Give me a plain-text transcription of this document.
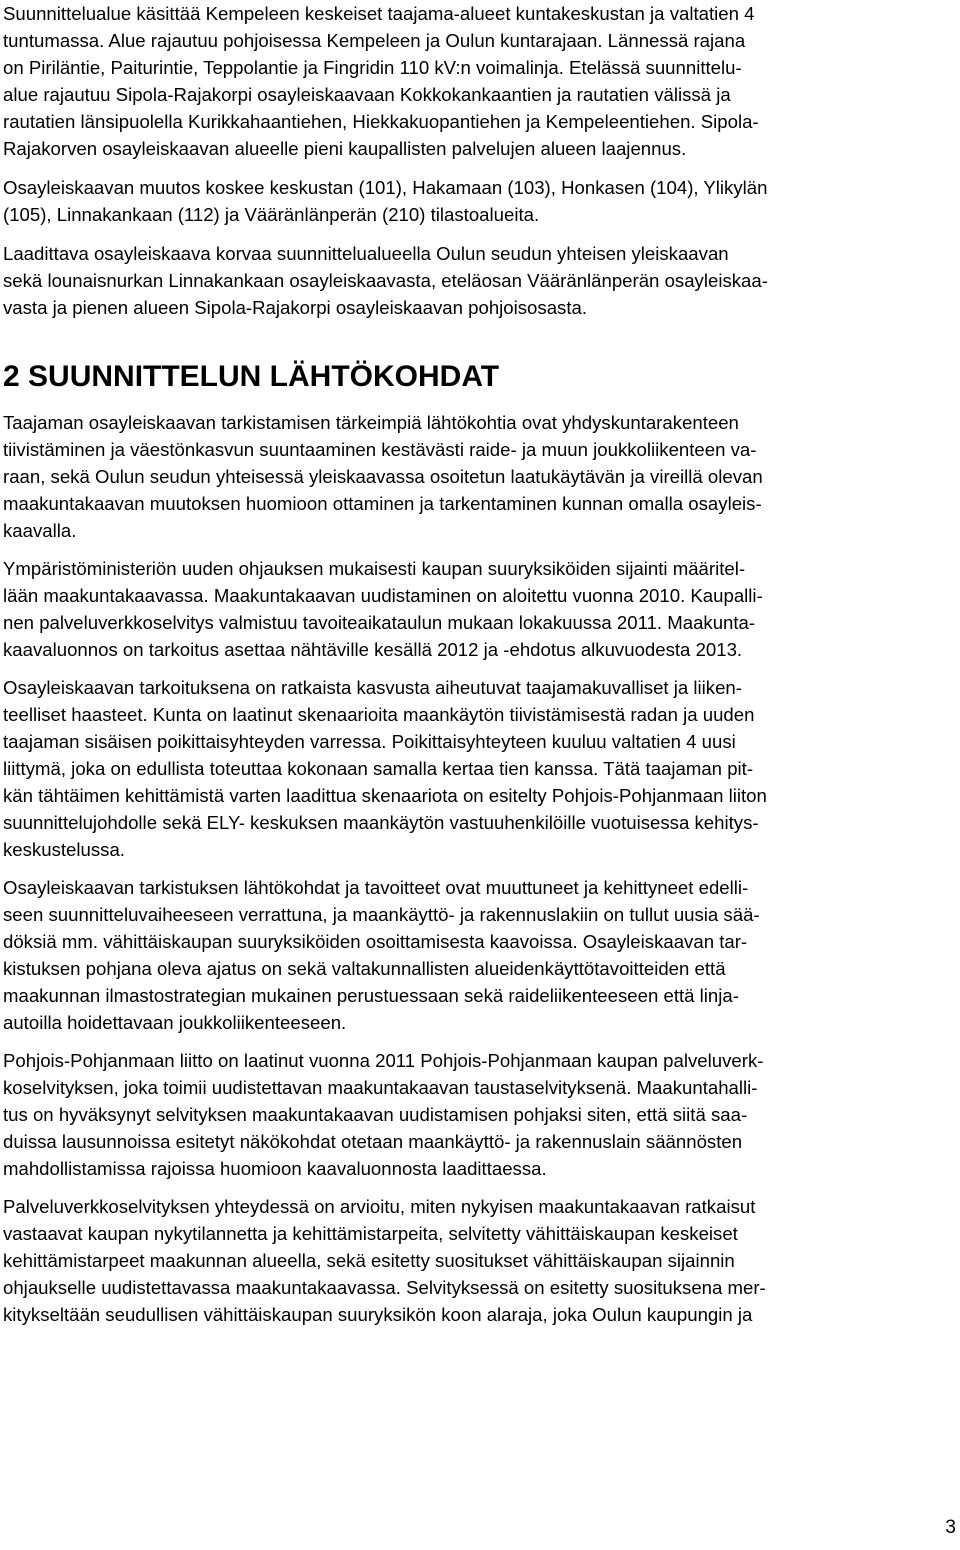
Suunnittelualue käsittää Kempeleen keskeiset taajama-alueet kuntakeskustan ja valtatien 4
tuntumassa. Alue rajautuu pohjoisessa Kempeleen ja Oulun kuntarajaan. Lännessä rajana
on Piriläntie, Paiturintie, Teppolantie ja Fingridin 110 kV:n voimalinja. Etelässä suunnittelu-
alue rajautuu Sipola-Rajakorpi osayleiskaavaan Kokkokankaantien ja rautatien välissä ja
rautatien länsipuolella Kurikkahaantiehen, Hiekkakuopantiehen ja Kempeleentiehen. Sipola-
Rajakorven osayleiskaavan alueelle pieni kaupallisten palvelujen alueen laajennus.

Osayleiskaavan muutos koskee keskustan (101), Hakamaan (103), Honkasen (104), Ylikylän
(105), Linnakankaan (112) ja Vääränlänperän (210) tilastoalueita.

Laadittava osayleiskaava korvaa suunnittelualueella Oulun seudun yhteisen yleiskaavan
sekä lounaisnurkan Linnakankaan osayleiskaavasta, eteläosan Vääränlänperän osayleiskaa-
vasta ja pienen alueen Sipola-Rajakorpi osayleiskaavan pohjoisosasta.

2 SUUNNITTELUN LÄHTÖKOHDAT

Taajaman osayleiskaavan tarkistamisen tärkeimpiä lähtökohtia ovat yhdyskuntarakenteen
tiivistäminen ja väestönkasvun suuntaaminen kestävästi raide- ja muun joukkoliikenteen va-
raan, sekä Oulun seudun yhteisessä yleiskaavassa osoitetun laatukäytävän ja vireillä olevan
maakuntakaavan muutoksen huomioon ottaminen ja tarkentaminen kunnan omalla osayleis-
kaavalla.

Ympäristöministeriön uuden ohjauksen mukaisesti kaupan suuryksiköiden sijainti määritel-
lään maakuntakaavassa. Maakuntakaavan uudistaminen on aloitettu vuonna 2010. Kaupalli-
nen palveluverkkoselvitys valmistuu tavoiteaikataulun mukaan lokakuussa 2011. Maakunta-
kaavaluonnos on tarkoitus asettaa nähtäville kesällä 2012 ja -ehdotus alkuvuodesta 2013.

Osayleiskaavan tarkoituksena on ratkaista kasvusta aiheutuvat taajamakuvalliset ja liiken-
teelliset haasteet. Kunta on laatinut skenaarioita maankäytön tiivistämisestä radan ja uuden
taajaman sisäisen poikittaisyhteyden varressa. Poikittaisyhteyteen kuuluu valtatien 4 uusi
liittymä, joka on edullista toteuttaa kokonaan samalla kertaa tien kanssa. Tätä taajaman pit-
kän tähtäimen kehittämistä varten laadittua skenaariota on esitelty Pohjois-Pohjanmaan liiton
suunnittelujohdolle sekä ELY- keskuksen maankäytön vastuuhenkilöille vuotuisessa kehitys-
keskustelussa.

Osayleiskaavan tarkistuksen lähtökohdat ja tavoitteet ovat muuttuneet ja kehittyneet edelli-
seen suunnitteluvaiheeseen verrattuna, ja maankäyttö- ja rakennuslakiin on tullut uusia sää-
döksiä mm. vähittäiskaupan suuryksiköiden osoittamisesta kaavoissa. Osayleiskaavan tar-
kistuksen pohjana oleva ajatus on sekä valtakunnallisten alueidenkäyttötavoitteiden että
maakunnan ilmastostrategian mukainen perustuessaan sekä raideliikenteeseen että linja-
autoilla hoidettavaan joukkoliikenteeseen.

Pohjois-Pohjanmaan liitto on laatinut vuonna 2011 Pohjois-Pohjanmaan kaupan palveluverk-
koselvityksen, joka toimii uudistettavan maakuntakaavan taustaselvityksenä. Maakuntahalli-
tus on hyväksynyt selvityksen maakuntakaavan uudistamisen pohjaksi siten, että siitä saa-
duissa lausunnoissa esitetyt näkökohdat otetaan maankäyttö- ja rakennuslain säännösten
mahdollistamissa rajoissa huomioon kaavaluonnosta laadittaessa.

Palveluverkkoselvityksen yhteydessä on arvioitu, miten nykyisen maakuntakaavan ratkaisut
vastaavat kaupan nykytilannetta ja kehittämistarpeita, selvitetty vähittäiskaupan keskeiset
kehittämistarpeet maakunnan alueella, sekä esitetty suositukset vähittäiskaupan sijainnin
ohjaukselle uudistettavassa maakuntakaavassa. Selvityksessä on esitetty suosituksena mer-
kitykseltään seudullisen vähittäiskaupan suuryksikön koon alaraja, joka Oulun kaupungin ja

3
